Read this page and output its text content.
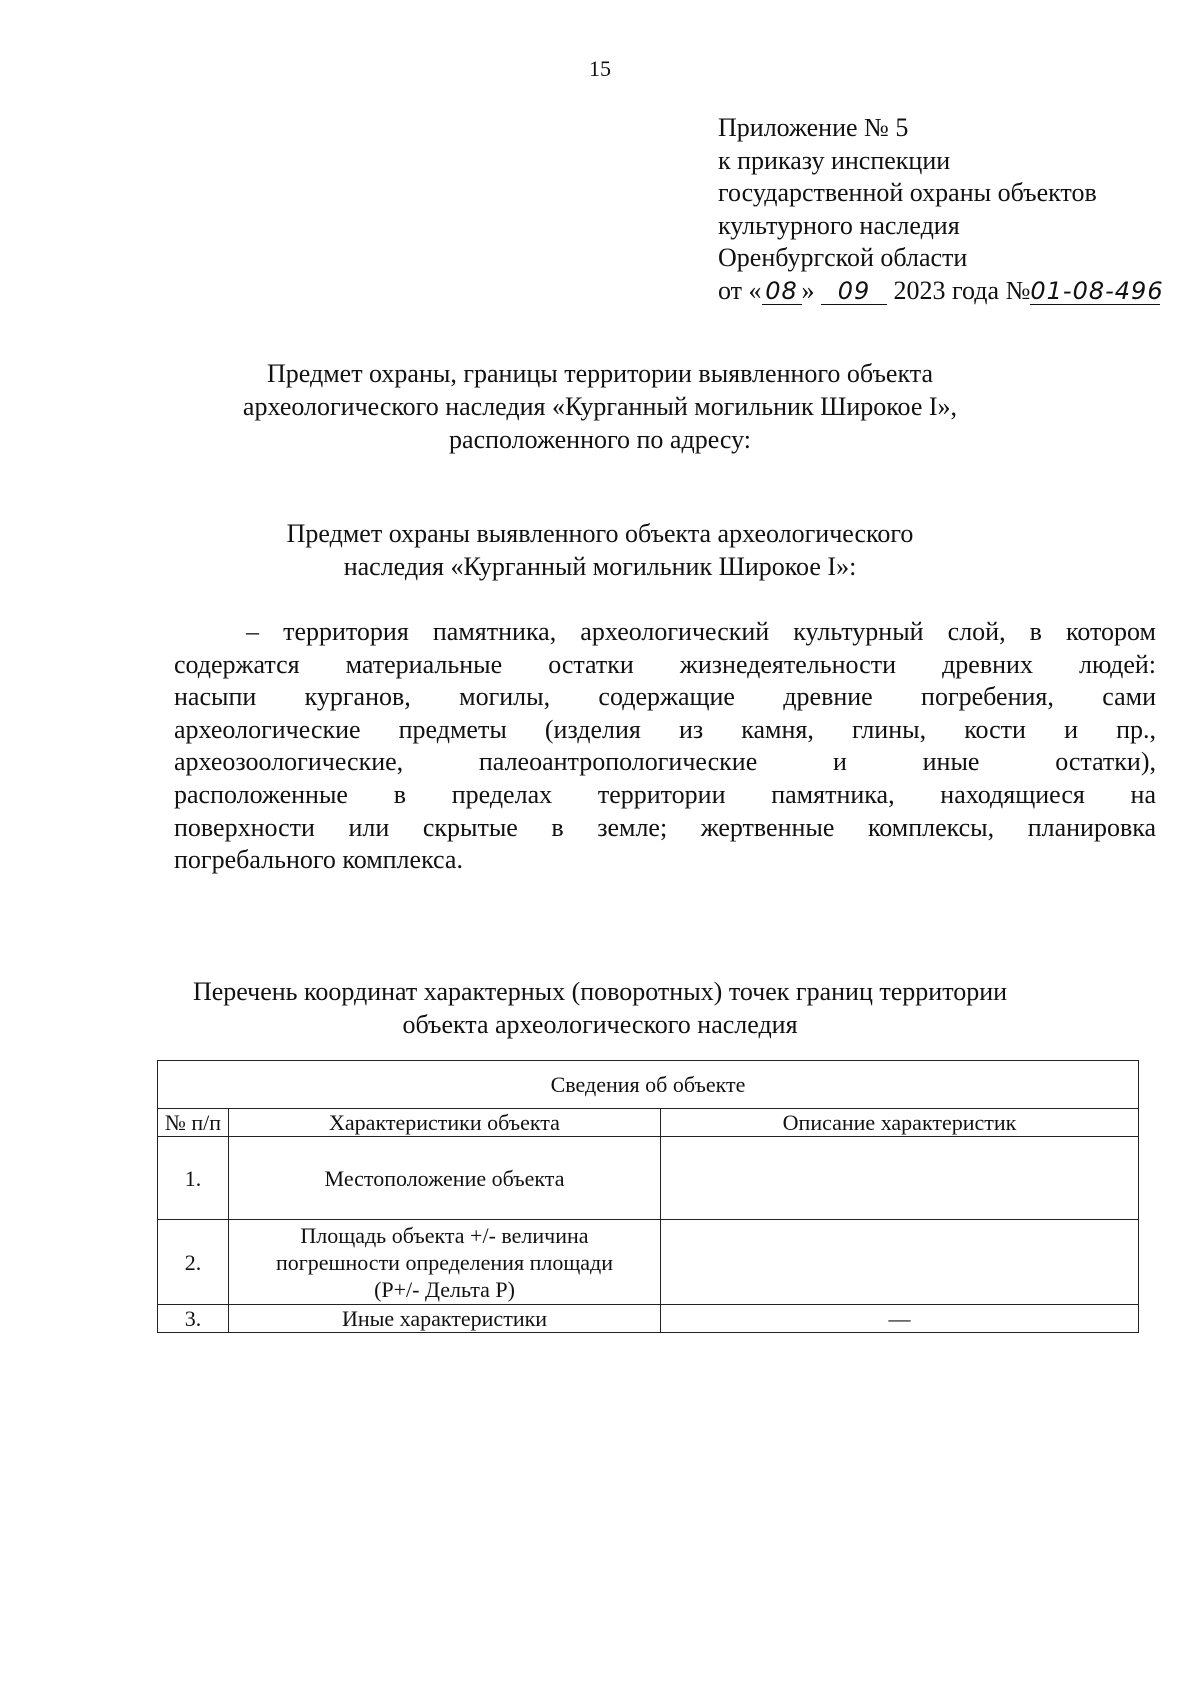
15
Приложение № 5
к приказу инспекции
государственной охраны объектов
культурного наследия
Оренбургской области
от « 08 » 09 2023 года №01-08-496
Предмет охраны, границы территории выявленного объекта
археологического наследия «Курганный могильник Широкое I»,
расположенного по адресу:
Предмет охраны выявленного объекта археологического
наследия «Курганный могильник Широкое I»:
– территория памятника, археологический культурный слой, в котором
содержатся материальные остатки жизнедеятельности древних людей:
насыпи курганов, могилы, содержащие древние погребения, сами
археологические предметы (изделия из камня, глины, кости и пр.,
археозоологические, палеоантропологические и иные остатки),
расположенные в пределах территории памятника, находящиеся на
поверхности или скрытые в земле; жертвенные комплексы, планировка
погребального комплекса.
Перечень координат характерных (поворотных) точек границ территории
объекта археологического наследия
Сведения об объекте		
№ п/п	Характеристики объекта	Описание характеристик
1.	Местоположение объекта	

2.	Площадь объекта +/- величина
погрешности определения площади
(P+/- Дельта P)	

3.	Иные характеристики	—
